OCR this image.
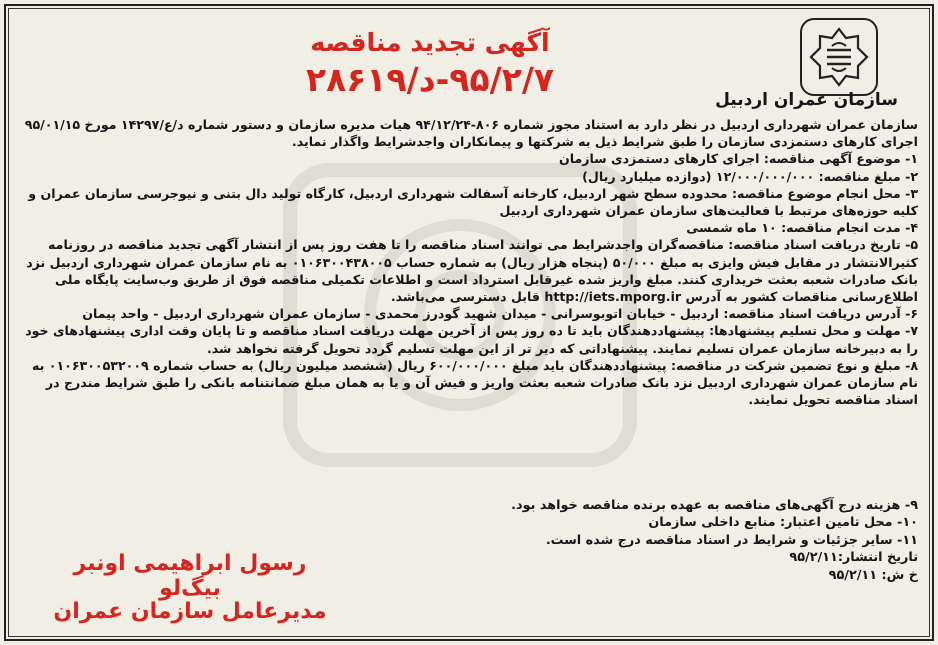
سازمان عمران اردبیل
آگهی تجدید مناقصه
۹۵/۲/۷-د/۲۸۶۱۹

سازمان عمران شهرداری اردبیل در نظر دارد به استناد مجوز شماره ۸۰۶-۹۴/۱۲/۲۴ هیات مدیره سازمان و دستور شماره د/ع/۱۴۲۹۷ مورخ ۹۵/۰۱/۱۵ اجرای کارهای دستمزدی سازمان را طبق شرایط ذیل به شرکتها و پیمانکاران واجدشرایط واگذار نماید.

۱- موضوع آگهی مناقصه: اجرای کارهای دستمزدی سازمان

۲- مبلغ مناقصه: ۱۲/۰۰۰/۰۰۰/۰۰۰ (دوازده میلیارد ریال)

۳- محل انجام موضوع مناقصه: محدوده سطح شهر اردبیل، کارخانه آسفالت شهرداری اردبیل، کارگاه تولید دال بتنی و نیوجرسی سازمان عمران و کلیه حوزه‌های مرتبط با فعالیت‌های سازمان عمران شهرداری اردبیل

۴- مدت انجام مناقصه: ۱۰ ماه شمسی

۵- تاریخ دریافت اسناد مناقصه: مناقصه‌گران واجدشرایط می توانند اسناد مناقصه را تا هفت روز پس از انتشار آگهی تجدید مناقصه در روزنامه کثیرالانتشار در مقابل فیش وایزی به مبلغ ۵۰/۰۰۰ (پنجاه هزار ریال) به شماره حساب ۰۱۰۶۳۰۰۴۳۸۰۰۵ به نام سازمان عمران شهرداری اردبیل نزد بانک صادرات شعبه بعثت خریداری کنند. مبلغ واریز شده غیرقابل استرداد است و اطلاعات تکمیلی مناقصه فوق از طریق وب‌سایت پایگاه ملی اطلاع‌رسانی مناقصات کشور به آدرس http://iets.mporg.ir قابل دسترسی می‌باشد.

۶- آدرس دریافت اسناد مناقصه: اردبیل - خیابان اتوبوسرانی - میدان شهید گودرز محمدی - سازمان عمران شهرداری اردبیل - واحد پیمان

۷- مهلت و محل تسلیم پیشنهادها: پیشنهاددهندگان باید تا ده روز پس از آخرین مهلت دریافت اسناد مناقصه و تا پایان وقت اداری پیشنهادهای خود را به دبیرخانه سازمان عمران تسلیم نمایند. پیشنهاداتی که دیر تر از این مهلت تسلیم گردد تحویل گرفته نخواهد شد.

۸- مبلغ و نوع تضمین شرکت در مناقصه: پیشنهاددهندگان باید مبلغ ۶۰۰/۰۰۰/۰۰۰ ریال (ششصد میلیون ریال) به حساب شماره ۰۱۰۶۳۰۰۵۳۲۰۰۹ به نام سازمان عمران شهرداری اردبیل نزد بانک صادرات شعبه بعثت واریز و فیش آن و یا به همان مبلغ ضمانتنامه بانکی را طبق شرایط مندرج در اسناد مناقصه تحویل نمایند.

۹- هزینه درج آگهی‌های مناقصه به عهده برنده مناقصه خواهد بود.

۱۰- محل تامین اعتبار: منابع داخلی سازمان

۱۱- سایر جزئیات و شرایط در اسناد مناقصه درج شده است.

تاریخ انتشار:۹۵/۲/۱۱

خ ش: ۹۵/۲/۱۱

رسول ابراهیمی اونبر بیگ‌لو
مدیرعامل سازمان عمران
